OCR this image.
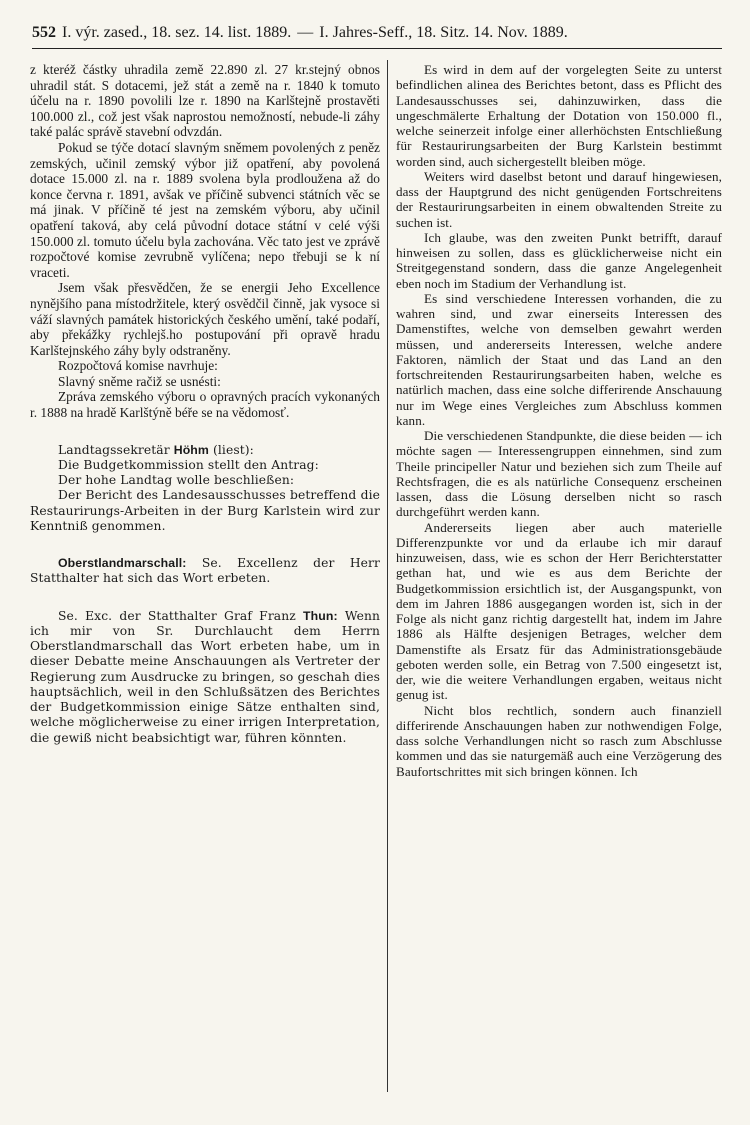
552 I. výr. zased., 18. sez. 14. list. 1889. — I. Jahres-Seff., 18. Sitz. 14. Nov. 1889.

z kteréž částky uhradila země 22.890 zl. 27 kr.stejný obnos uhradil stát. S dotacemi, jež stát a země na r. 1840 k tomuto účelu na r. 1890 povolili lze r. 1890 na Karlštejně prostavěti 100.000 zl., což jest však naprostou nemožností, nebude-li záhy také palác správě stavební odvzdán.

Pokud se týče dotací slavným sněmem povolených z peněz zemských, učinil zemský výbor již opatření, aby povolená dotace 15.000 zl. na r. 1889 svolena byla prodloužena až do konce června r. 1891, avšak ve příčině subvenci státních věc se má jinak. V příčině té jest na zemském výboru, aby učinil opatření taková, aby celá původní dotace státní v celé výši 150.000 zl. tomuto účelu byla zachována. Věc tato jest ve zprávě rozpočtové komise zevrubně vylíčena; nepo třebuji se k ní vraceti.

Jsem však přesvědčen, že se energii Jeho Excellence nynějšího pana místodržitele, který osvědčil činně, jak vysoce si váží slavných památek historických českého umění, také podaří, aby překážky rychlejš.ho postupování při opravě hradu Karlštejnského záhy byly odstraněny.

Rozpočtová komise navrhuje:

Slavný sněme račiž se usnésti:

Zpráva zemského výboru o opravných pracích vykonaných r. 1888 na hradě Karlštýně béře se na vědomosť.

Landtagssekretär Höhm (liest):

Die Budgetkommission stellt den Antrag:

Der hohe Landtag wolle beschließen:

Der Bericht des Landesausschusses betreffend die Restaurirungs-Arbeiten in der Burg Karlstein wird zur Kenntniß genommen.

Oberstlandmarschall: Se. Excellenz der Herr Statthalter hat sich das Wort erbeten.

Se. Exc. der Statthalter Graf Franz Thun: Wenn ich mir von Sr. Durchlaucht dem Herrn Oberstlandmarschall das Wort erbeten habe, um in dieser Debatte meine Anschauungen als Vertreter der Regierung zum Ausdrucke zu bringen, so geschah dies hauptsächlich, weil in den Schlußsätzen des Berichtes der Budgetkommission einige Sätze enthalten sind, welche möglicherweise zu einer irrigen Interpretation, die gewiß nicht beabsichtigt war, führen könnten.

Es wird in dem auf der vorgelegten Seite zu unterst befindlichen alinea des Berichtes betont, dass es Pflicht des Landesausschusses sei, dahinzuwirken, dass die ungeschmälerte Erhaltung der Dotation von 150.000 fl., welche seinerzeit infolge einer allerhöchsten Entschließung für Restaurirungsarbeiten der Burg Karlstein bestimmt worden sind, auch sichergestellt bleiben möge.

Weiters wird daselbst betont und darauf hingewiesen, dass der Hauptgrund des nicht genügenden Fortschreitens der Restaurirungsarbeiten in einem obwaltenden Streite zu suchen ist.

Ich glaube, was den zweiten Punkt betrifft, darauf hinweisen zu sollen, dass es glücklicherweise nicht ein Streitgegenstand sondern, dass die ganze Angelegenheit eben noch im Stadium der Verhandlung ist.

Es sind verschiedene Interessen vorhanden, die zu wahren sind, und zwar einerseits Interessen des Damenstiftes, welche von demselben gewahrt werden müssen, und andererseits Interessen, welche andere Faktoren, nämlich der Staat und das Land an den fortschreitenden Restaurirungsarbeiten haben, welche es natürlich machen, dass eine solche differirende Anschauung nur im Wege eines Vergleiches zum Abschluss kommen kann.

Die verschiedenen Standpunkte, die diese beiden — ich möchte sagen — Interessengruppen einnehmen, sind zum Theile principeller Natur und beziehen sich zum Theile auf Rechtsfragen, die es als natürliche Consequenz erscheinen lassen, dass die Lösung derselben nicht so rasch durchgeführt werden kann.

Andererseits liegen aber auch materielle Differenzpunkte vor und da erlaube ich mir darauf hinzuweisen, dass, wie es schon der Herr Berichterstatter gethan hat, und wie es aus dem Berichte der Budgetkommission ersichtlich ist, der Ausgangspunkt, von dem im Jahren 1886 ausgegangen worden ist, sich in der Folge als nicht ganz richtig dargestellt hat, indem im Jahre 1886 als Hälfte desjenigen Betrages, welcher dem Damenstifte als Ersatz für das Administrationsgebäude geboten werden solle, ein Betrag von 7.500 eingesetzt ist, der, wie die weitere Verhandlungen ergaben, weitaus nicht genug ist.

Nicht blos rechtlich, sondern auch finanziell differirende Anschauungen haben zur nothwendigen Folge, dass solche Verhandlungen nicht so rasch zum Abschlusse kommen und das sie naturgemäß auch eine Verzögerung des Baufortschrittes mit sich bringen können. Ich
